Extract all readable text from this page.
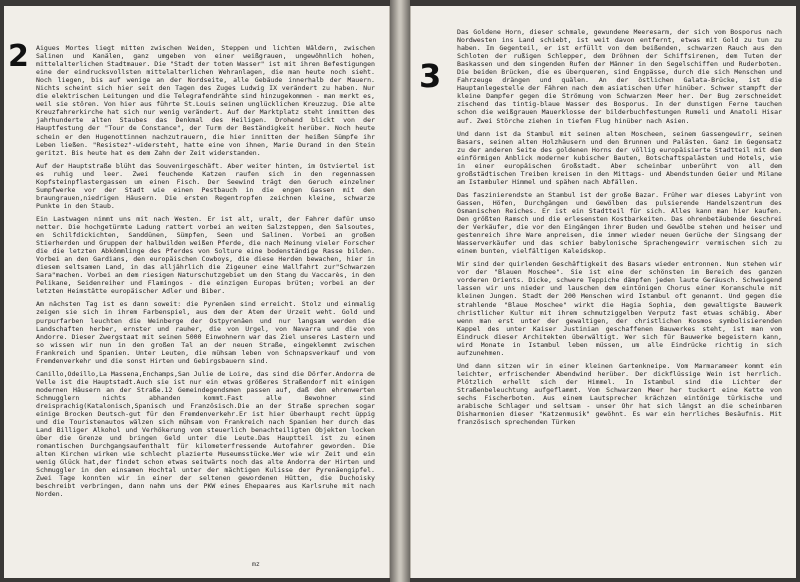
2 Aigues Mortes liegt mitten zwischen Weiden, Steppen und lichten Wäldern, zwischen Salinen und Kanälen, ganz umgeben von einer weißgrauen, ungewöhnlich hohen, mittelalterlichen Stadtmauer. Die "Stadt der toten Wasser" ist mit ihren Befestigungen eine der eindrucksvollsten mittelalterlichen Wehranlagen, die man heute noch sieht. Noch liegen, bis auf wenige an der Nordseite, alle Gebäude innerhalb der Mauern. Nichts scheint sich hier seit den Tagen des Zuges Ludwig IX verändert zu haben. Nur die elektrischen Leitungen und die Telegrafendrähte sind hinzugekommen - man merkt es, weil sie stören. Von hier aus führte St.Louis seinen unglücklichen Kreuzzug. Die alte Kreuzfahrerkirche hat sich nur wenig verändert. Auf der Marktplatz steht inmitten des jahrhunderte alten Staubes das Denkmal des Heiligen. Drohend blickt von der Hauptfestung der "Tour de Constance", der Turm der Beständigkeit herüber. Noch heute schein er den Hugenottinnen nachzutrauern, die hier innitten der heißen Sümpfe ihr Leben ließen. "Resistez"-widersteht, hatte eine von ihnen, Marie Durand in den Stein geritzt. Bis heute hat es dem Zahn der Zeit widerstanden.

Auf der Hauptstraße blüht das Souvenirgeschäft. Aber weiter hinten, im Ostviertel ist es ruhig und leer. Zwei feuchende Katzen raufen sich in den regennassen Kopfsteinpflastergassen um einen Fisch. Der Seewind trägt den Geruch einzelner Sumpfwerke vor der Stadt wie einen Pestbauch in die engen Gassen mit den braungrauen,niedrigen Häusern. Die ersten Regentropfen zeichnen kleine, schwarze Punkte in den Staub.

Ein Lastwagen nimmt uns mit nach Westen. Er ist alt, uralt, der Fahrer dafür umso netter. Die hochgetürmte Ladung rattert vorbei an weiten Salzsteppen, den Salsoutes, en Schilfdickichten, Sanddünen, Sümpfen, Seen und Salinen. Vorbei an großen Stierherden und Gruppen der halbwilden weißen Pferde, die nach Meinung vieler Forscher die die letzten Abkömmlinge des Pferdes von Solture eine bodenständige Rasse bilden. Vorbei an den Gardians, den europäischen Cowboys, die diese Herden bewachen, hier in diesem seltsamen Land, in das alljährlich die Zigeuner eine Wallfahrt zur"Schwarzen Sara"machen. Vorbei an dem riesigen Naturschutzgebiet um den Stang du Vaccarès, in den Pelikane, Seidenreiher und Flamingos - die einzigen Europas brüten; vorbei an der letzten Heimstätte europäischer Adler und Biber.

Am nächsten Tag ist es dann soweit: die Pyrenäen sind erreicht. Stolz und einmalig zeigen sie sich in ihrem Farbenspiel, aus dem der Atem der Urzeit weht. Gold und purpurfarben leuchten die Weinberge der Ostpyrenäen und nur langsam werden die Landschaften herber, ernster und rauher, die von Urgel, von Navarra und die von Andorre. Dieser Zwergstaat mit seinen 5000 Einwohnern war das Ziel unseres Lastern und so wissen wir nun in den großen Tal an der neuen Straße, eingeklemmt zwischen Frankreich und Spanien. Unter Leuten, die mühsam leben von Schnapsverkauf und vom Fremdenverkehr und die sonst Hirten und Gebirgsbauern sind.

Canillo,Odeillo,La Massena,Enchamps,San Julie de Loire, das sind die Dörfer.Andorra de Velle ist die Hauptstadt.Auch sie ist nur ein etwas größeres Straßendorf mit einigen modernen Häusern an der Straße.12 Gemeindegendsmen passen auf, daß den ehrenwerten Schmugglern nichts abhanden kommt.Fast alle Bewohner sind dreisprachig(Katalonisch,Spanisch und Französisch.Die an der Straße sprechen sogar einige Brocken Deutsch-gut für den Fremdenverkehr.Er ist hier überhaupt recht üppig und die Touristenautos wälzen sich mühsam von Frankreich nach Spanien her durch das Land Billiger Alkohol und Verhökerung vom steuerlich benachteiligten Objekten locken über die Grenze und bringen Geld unter die Leute.Das Hauptteil ist zu einem romantischen Durchgangsaufenthalt für kilometerfressende Autofahrer geworden. Die alten Kirchen wirken wie schlecht plazierte Museumsstücke.Wer wie wir Zeit und ein wenig Glück hat,der findet schon etwas seitwärts noch das alte Andorra der Hirten und Schmuggler in den einsamen Hochtal unter der mächtigen Kulisse der Pyrenäengipfel. Zwei Tage konnten wir in einer der seltenen gewordenen Hütten, die Duchoisky beschreibt verbringen, dann nahm uns der PKW eines Ehepaares aus Karlsruhe mit nach Norden.

mz
3

Das Goldene Horn, dieser schmale, gewundene Meeresarm, der sich vom Bosporus nach Nordwesten ins Land schiebt, ist weit davon entfernt, etwas mit Gold zu tun zu haben. Im Gegenteil, er ist erfüllt von dem beißenden, schwarzen Rauch aus den Schloten der rußigen Schlepper, dem Dröhnen der Schiffsirenen, dem Tuten der Baskassen und dem singenden Rufen der Männer in den Segelschiffen und Ruderboten. Die beiden Brücken, die es überqueren, sind Engpässe, durch die sich Menschen und Fahrzeuge drängen und quälen. An der östlichen Galata-Brücke, ist die Hauptanlegestelle der Fähren nach dem asiatischen Ufer hinüber. Schwer stampft der kleine Dampfer gegen die Strömung vom Schwarzen Meer her. Der Bug zerschneidet zischend das tintig-blaue Wasser des Bosporus. In der dunstigen Ferne tauchen schon die weißgrauen Mauerklosse der bilderbuchfestungen Rumeli und Anatoli Hisar auf. Zwei Störche ziehen in tiefem Flug hinüber nach Asien.

Und dann ist da Stambul mit seinen alten Moscheen, seinem Gassengewirr, seinen Basars, seinen alten Holzhäusern und den Brunnen und Palästen. Ganz im Gegensatz zu der anderen Seite des goldenen Horns der völlig europäisierte Stadtteil mit dem einförmigen Anblick moderner kubischer Bauten, Botschaftspalästen und Hotels, wie in einer europäischen Großstadt. Aber scheinbar unberührt von all dem großstädtischen Treiben kreisen in den Mittags- und Abendstunden Geier und Milane am Istambuler Himmel und spähen nach Abfällen.

Das faszinierendste an Stambul ist der große Bazar. Früher war dieses Labyrint von Gassen, Höfen, Durchgängen und Gewölben das pulsierende Handelszentrum des Osmanischen Reiches. Er ist ein Stadtteil für sich. Alles kann man hier kaufen. Den größten Ramsch und die erlesensten Kostbarkeiten. Das ohrenbetäubende Geschrei der Verkäufer, die vor den Eingängen ihrer Buden und Gewölbe stehen und heiser und gestenreich ihre Ware anpreisen, die immer wieder neuen Gerüche der Singsang der Wasserverkäufer und das schier babylonische Sprachengewirr vermischen sich zu einem bunten, vielfältigen Kaleidskop.

Wir sind der quirlenden Geschäftigkeit des Basars wieder entronnen. Nun stehen wir vor der "Blauen Moschee". Sie ist eine der schönsten im Bereich des ganzen vorderen Orients. Dicke, schwere Teppiche dämpfen jeden laute Geräusch. Schweigend lassen wir uns nieder und lauschen dem eintönigen Chorus einer Koranschule mit kleinen Jungen. Stadt der 200 Menschen wird Istambul oft genannt. Und gegen die strahlende "Blaue Moschee" wirkt die Hagia Sophia, dem gewaltigste Bauwerk christlicher Kultur mit ihrem schmutziggelben Verputz fast etwas schäbig. Aber wenn man erst unter der gewaltigen, der christlichen Kosmos symbolisierenden Kappel des unter Kaiser Justinian geschaffenen Bauwerkes steht, ist man vom Eindruck dieser Architekten überwältigt. Wer sich für Bauwerke begeistern kann, wird Monate in Istambul leben müssen, um alle Eindrücke richtig in sich aufzunehmen.

Und dann sitzen wir in einer kleinen Gartenkneipe. Vom Marmarameer kommt ein leichter, erfrischender Abendwind herüber. Der dickflüssige Wein ist herrlich. Plötzlich erhellt sich der Himmel. In Istambul sind die Lichter der Straßenbeleuchtung aufgeflammt. Vom Schwarzen Meer her tuckert eine Kette von sechs Fischerboten. Aus einem Lautsprecher krächzen eintönige türkische und arabische Schlager und seltsam - unser Ohr hat sich längst an die scheinbaren Disharmonien dieser "Katzenmusik" gewöhnt. Es war ein herrliches Besäufnis. Mit französisch sprechenden Türken
